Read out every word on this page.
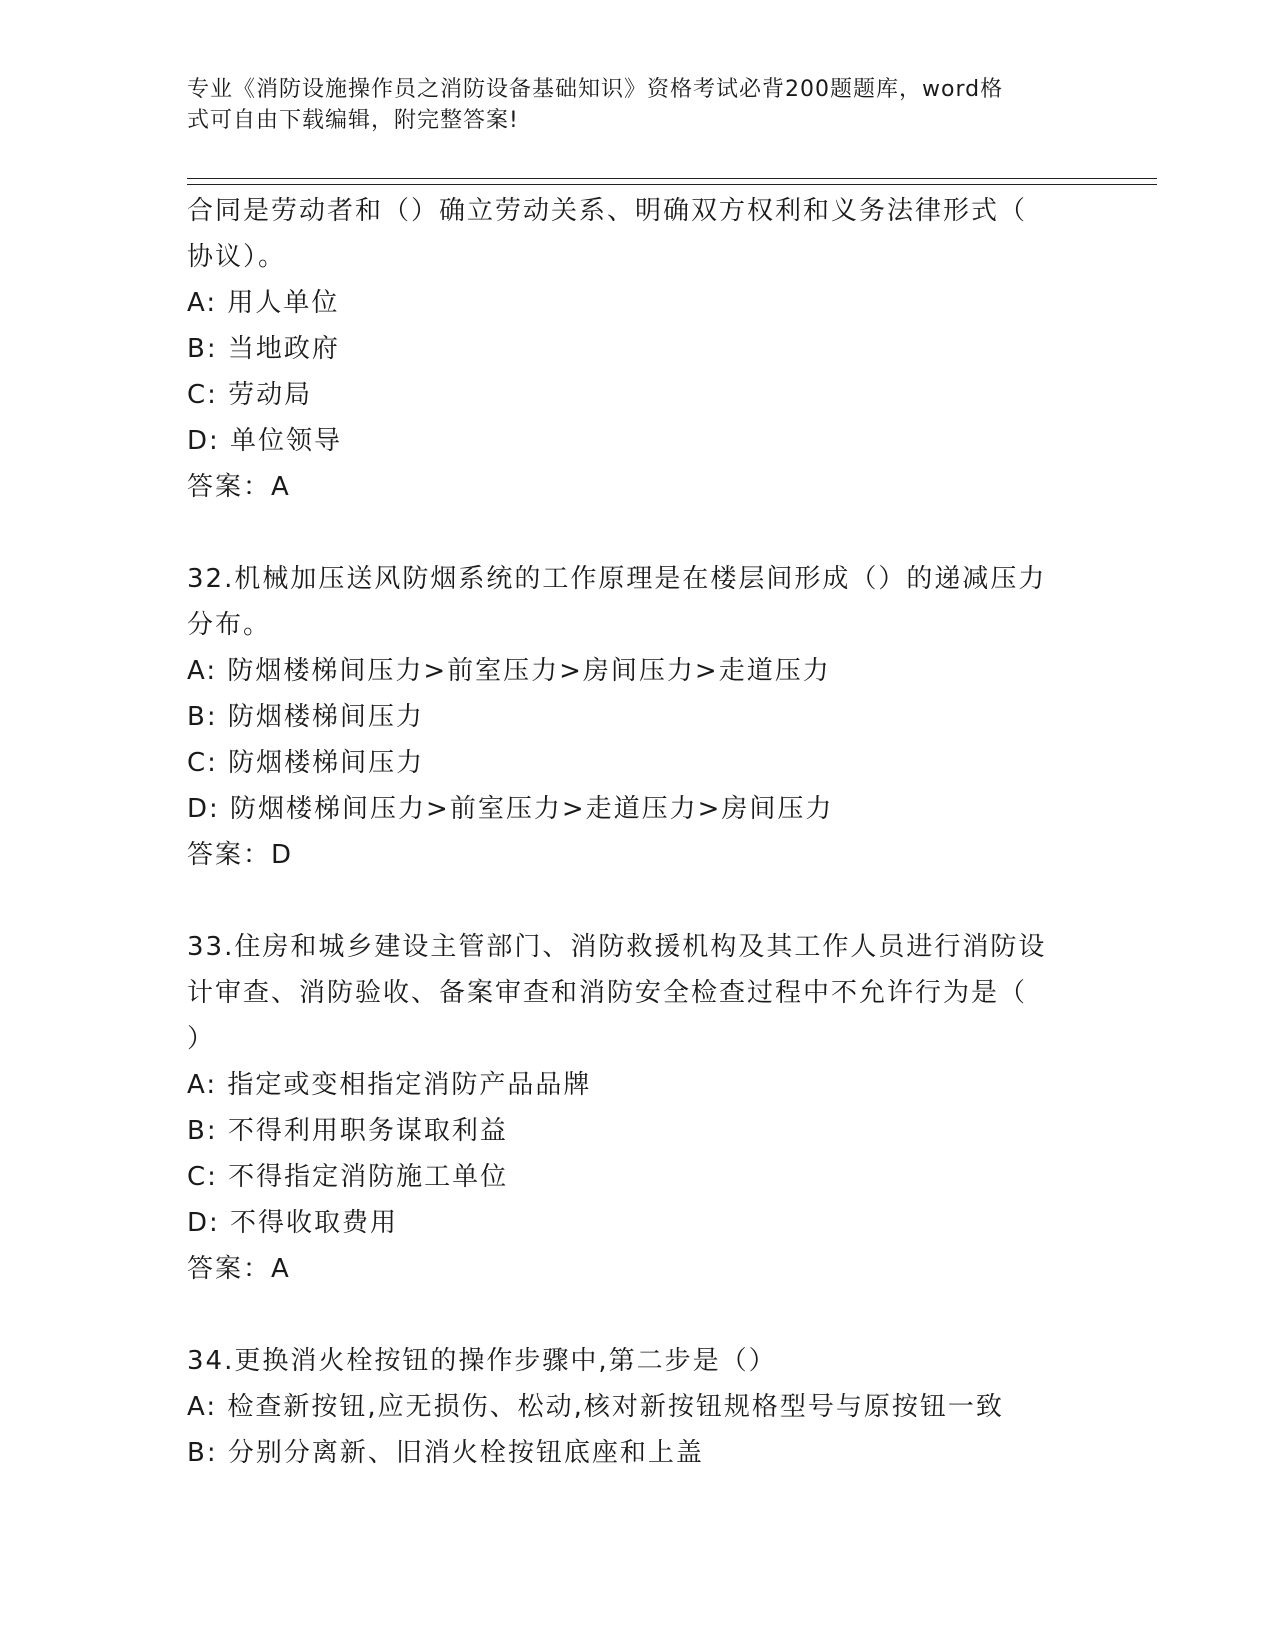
专业《消防设施操作员之消防设备基础知识》资格考试必背200题题库，word格
式可自由下载编辑，附完整答案!
合同是劳动者和（）确立劳动关系、明确双方权利和义务法律形式（
协议）。
A: 用人单位
B: 当地政府
C: 劳动局
D: 单位领导
答案：A
32.机械加压送风防烟系统的工作原理是在楼层间形成（）的递减压力
分布。
A: 防烟楼梯间压力>前室压力>房间压力>走道压力
B: 防烟楼梯间压力
C: 防烟楼梯间压力
D: 防烟楼梯间压力>前室压力>走道压力>房间压力
答案：D
33.住房和城乡建设主管部门、消防救援机构及其工作人员进行消防设
计审查、消防验收、备案审查和消防安全检查过程中不允许行为是（
）
A: 指定或变相指定消防产品品牌
B: 不得利用职务谋取利益
C: 不得指定消防施工单位
D: 不得收取费用
答案：A
34.更换消火栓按钮的操作步骤中,第二步是（）
A: 检查新按钮,应无损伤、松动,核对新按钮规格型号与原按钮一致
B: 分别分离新、旧消火栓按钮底座和上盖
